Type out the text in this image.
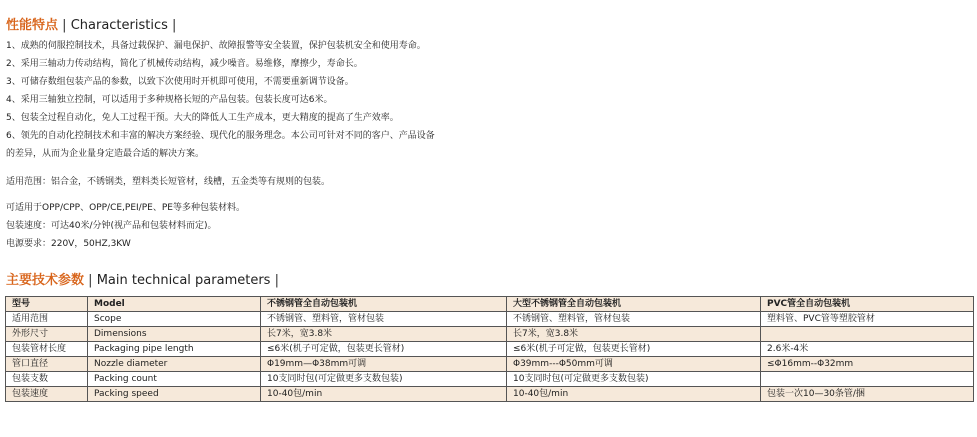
性能特点 | Characteristics |
1、成熟的伺服控制技术，具备过载保护、漏电保护、故障报警等安全装置，保护包装机安全和使用寿命。
2、采用三轴动力传动结构，简化了机械传动结构，减少噪音。易维修，摩擦少，寿命长。
3、可储存数组包装产品的参数，以致下次使用时开机即可使用，不需要重新调节设备。
4、采用三轴独立控制，可以适用于多种规格长短的产品包装。包装长度可达6米。
5、包装全过程自动化，免人工过程干预。大大的降低人工生产成本，更大精度的提高了生产效率。
6、领先的自动化控制技术和丰富的解决方案经验、现代化的服务理念。本公司可针对不同的客户、产品设备
的差异，从而为企业量身定造最合适的解决方案。
适用范围：铝合金，不锈钢类，塑料类长短管材，线槽，五金类等有规则的包装。
可适用于OPP/CPP、OPP/CE,PEI/PE、PE等多种包装材料。
包装速度：可达40米/分钟(视产品和包装材料而定)。
电源要求：220V，50HZ,3KW
主要技术参数 | Main technical parameters |
型号	Model	不锈钢管全自动包装机	大型不锈钢管全自动包装机	PVC管全自动包装机
适用范围	Scope	不锈钢管、塑料管，管材包装	不锈钢管、塑料管，管材包装	塑料管、PVC管等塑胶管材
外形尺寸	Dimensions	长7米，宽3.8米	长7米，宽3.8米	
包装管材长度	Packaging pipe length	≤6米(机子可定做，包装更长管材)	≤6米(机子可定做，包装更长管材)	2.6米-4米
管口直径	Nozzle diameter	Φ19mm—Φ38mm可调	Φ39mm---Φ50mm可调	≤Φ16mm--Φ32mm
包装支数	Packing count	10支同时包(可定做更多支数包装)	10支同时包(可定做更多支数包装)	
包装速度	Packing speed	10-40包/min	10-40包/min	包装一次10—30条管/捆
